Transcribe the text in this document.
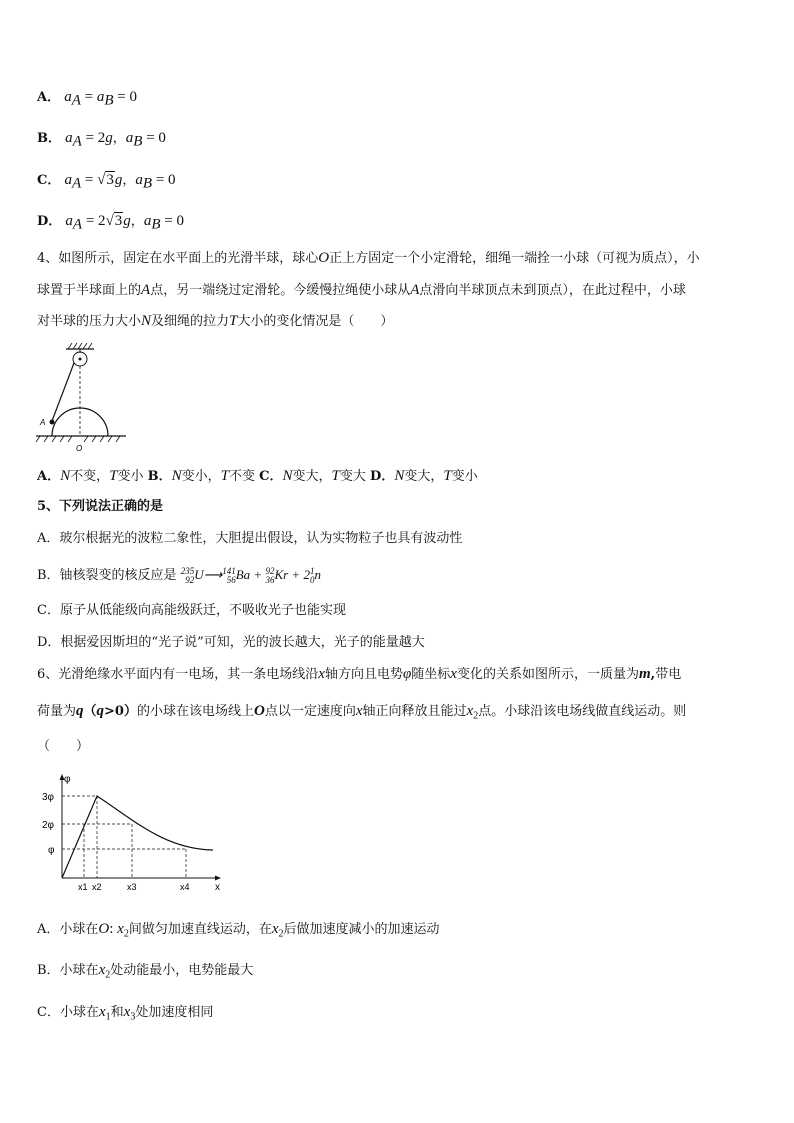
A． $a_A = a_B = 0$
B． $a_A = 2g$，$a_B = 0$
C． $a_A = √3g$，$a_B = 0$
D． $a_A = 2√3g$，$a_B = 0$
4、如图所示，固定在水平面上的光滑半球，球心O正上方固定一个小定滑轮，细绳一端拴一小球（可视为质点），小
球置于半球面上的A点，另一端绕过定滑轮。今缓慢拉绳使小球从A点滑向半球顶点未到顶点），在此过程中，小球
对半球的压力大小N及细绳的拉力T大小的变化情况是（　　）
A
O
A．N不变，T变小 B．N变小，T不变 C．N变大，T变大 D．N变大，T变小
5、下列说法正确的是
A．玻尔根据光的波粒二象性，大胆提出假设，认为实物粒子也具有波动性
B．铀核裂变的核反应是 235
92 U⟶ 141
56 Ba + 92
36 Kr + 2 1
0 n
C．原子从低能级向高能级跃迁，不吸收光子也能实现
D．根据爱因斯坦的“光子说”可知，光的波长越大，光子的能量越大
6、光滑绝缘水平面内有一电场，其一条电场线沿x轴方向且电势φ随坐标x变化的关系如图所示，一质量为m,带电
荷量为q（q>0）的小球在该电场线上O点以一定速度向x轴正向释放且能过$x_2$点。小球沿该电场线做直线运动。则
（　　）
φ
x
3φ
2φ
φ
x1 x2	x3	x4
A．小球在O: $x_2$间做匀加速直线运动，在$x_2$后做加速度减小的加速运动
B．小球在$x_2$处动能最小，电势能最大
C．小球在$x_1$和$x_3$处加速度相同
